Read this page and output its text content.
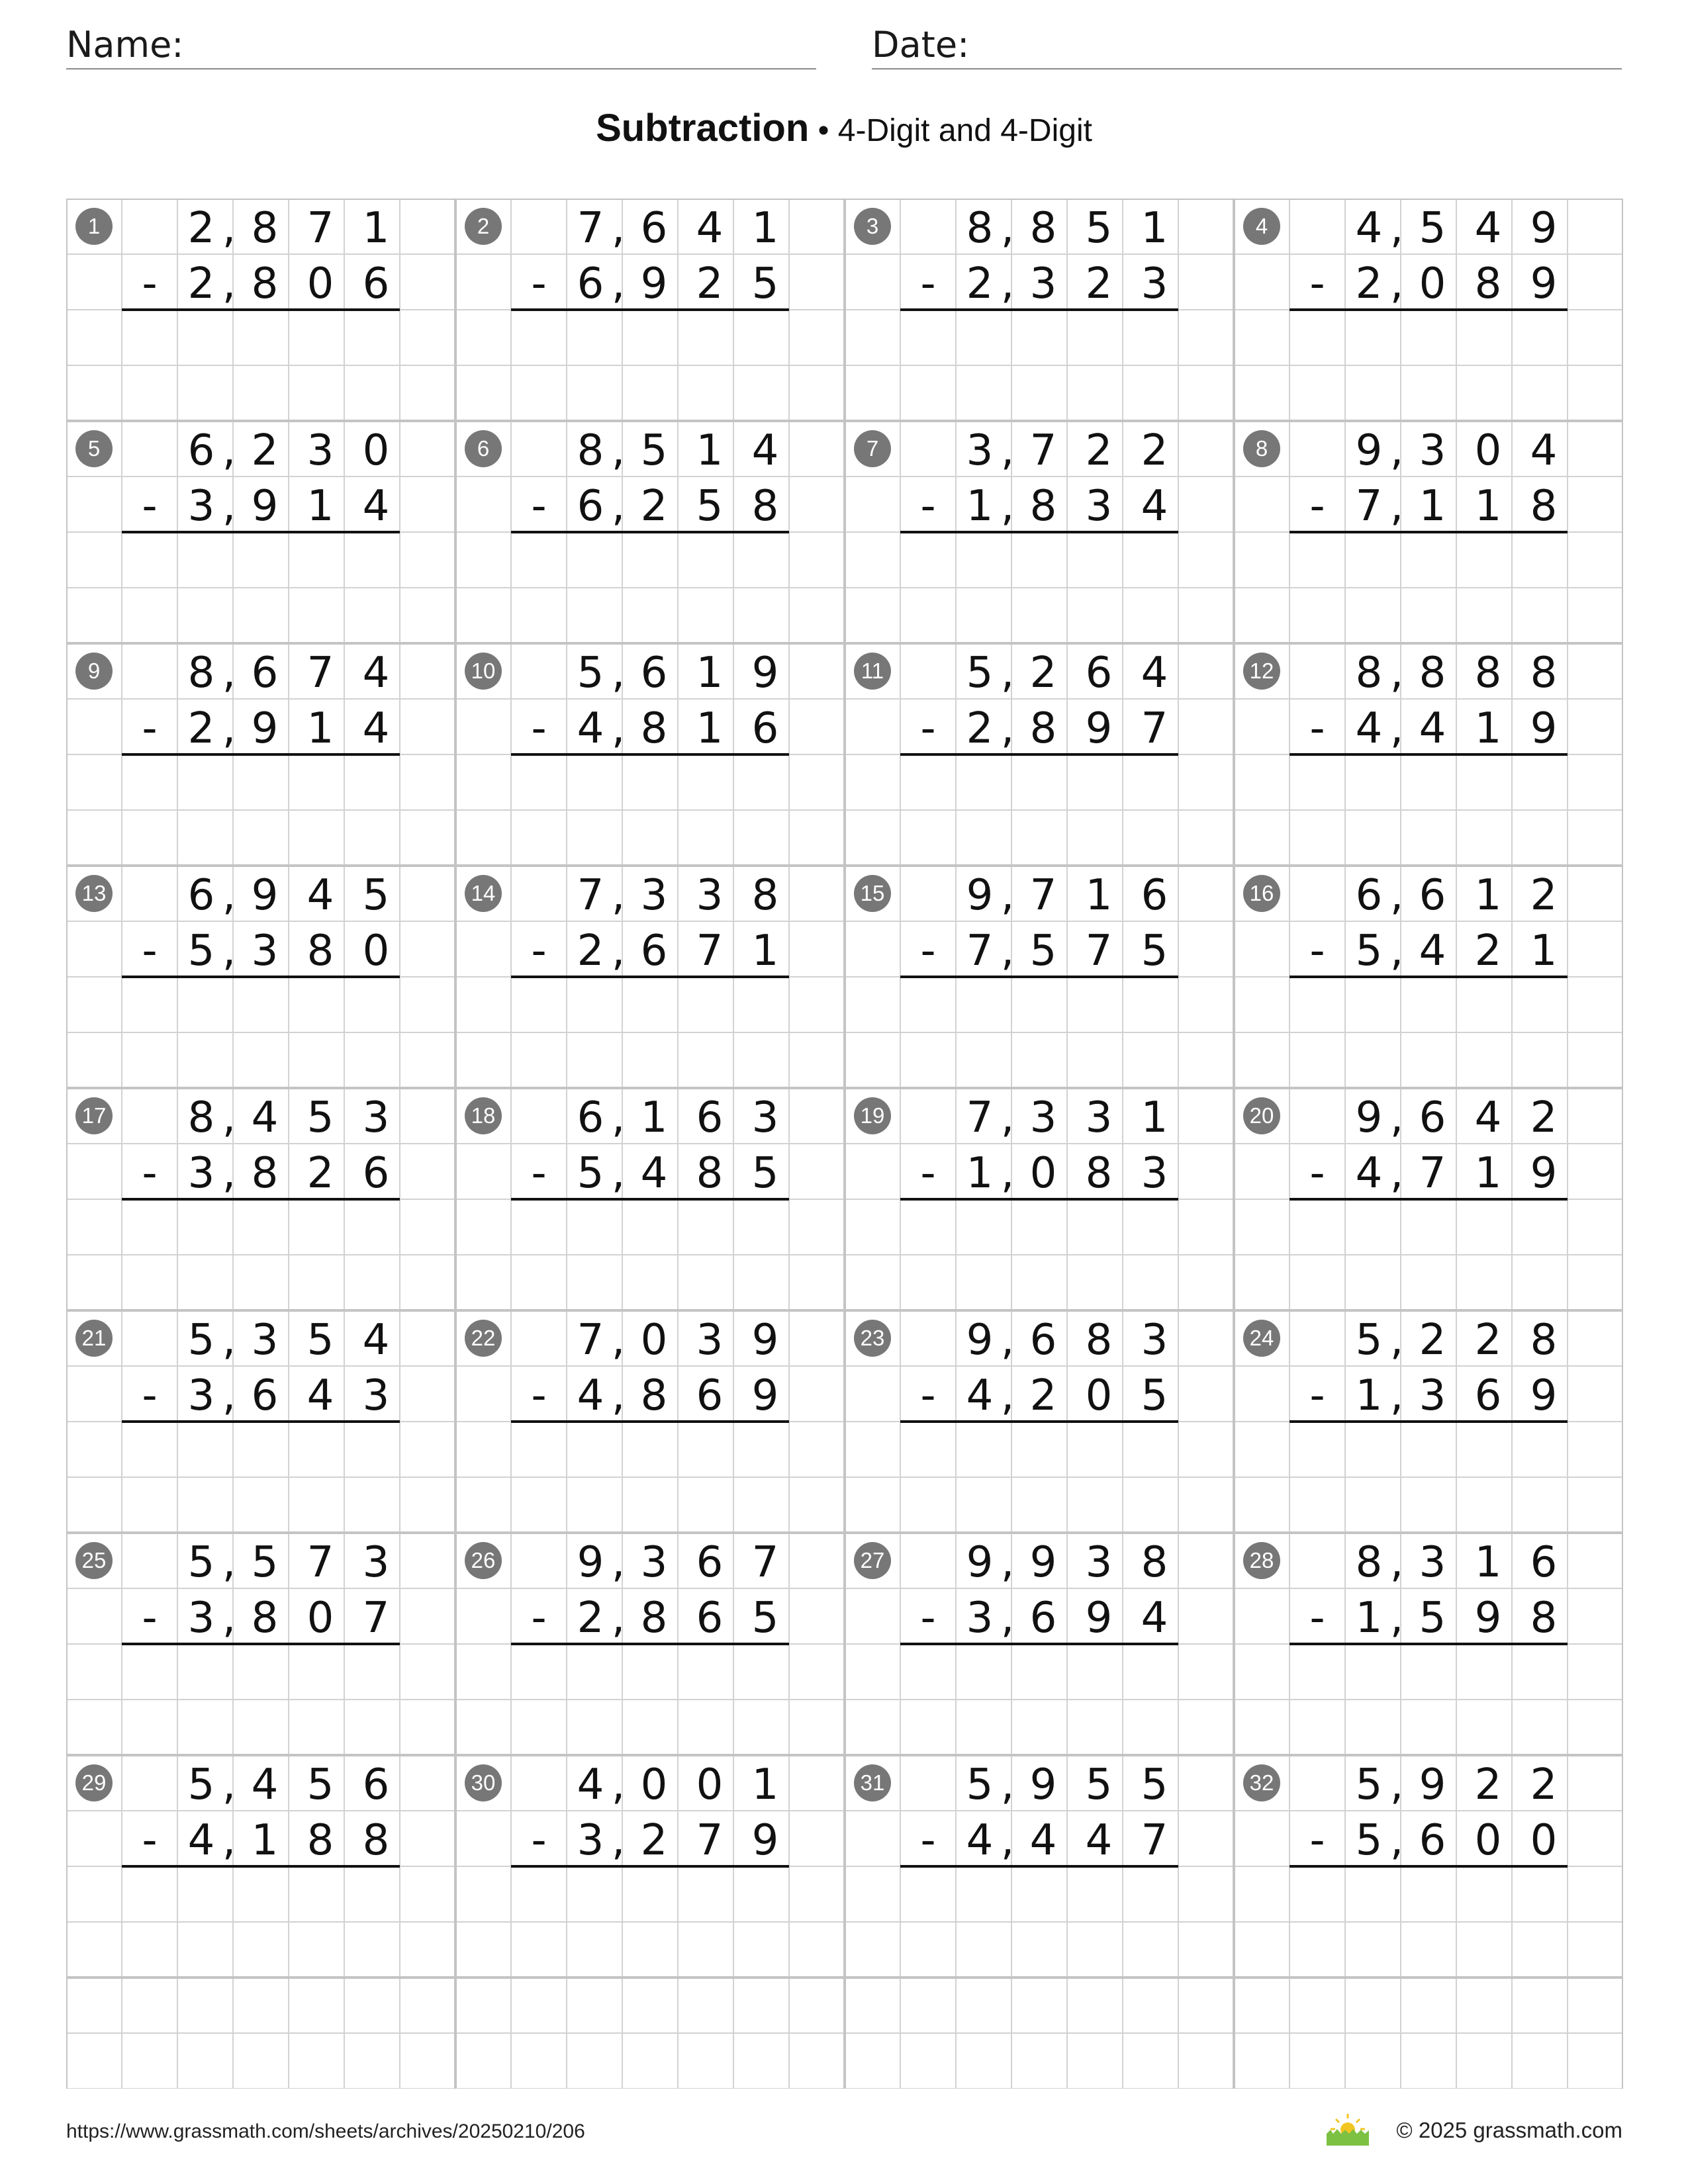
Name:	Date:
Subtraction • 4-Digit and 4-Digit
1 2 , 8 7 1
- 2 , 8 0 6
2 7 , 6 4 1
- 6 , 9 2 5
3 8 , 8 5 1
- 2 , 3 2 3
4 4 , 5 4 9
- 2 , 0 8 9
5 6 , 2 3 0
- 3 , 9 1 4
6 8 , 5 1 4
- 6 , 2 5 8
7 3 , 7 2 2
- 1 , 8 3 4
8 9 , 3 0 4
- 7 , 1 1 8
9 8 , 6 7 4
- 2 , 9 1 4
10 5 , 6 1 9
- 4 , 8 1 6
11 5 , 2 6 4
- 2 , 8 9 7
12 8 , 8 8 8
- 4 , 4 1 9
13 6 , 9 4 5
- 5 , 3 8 0
14 7 , 3 3 8
- 2 , 6 7 1
15 9 , 7 1 6
- 7 , 5 7 5
16 6 , 6 1 2
- 5 , 4 2 1
17 8 , 4 5 3
- 3 , 8 2 6
18 6 , 1 6 3
- 5 , 4 8 5
19 7 , 3 3 1
- 1 , 0 8 3
20 9 , 6 4 2
- 4 , 7 1 9
21 5 , 3 5 4
- 3 , 6 4 3
22 7 , 0 3 9
- 4 , 8 6 9
23 9 , 6 8 3
- 4 , 2 0 5
24 5 , 2 2 8
- 1 , 3 6 9
25 5 , 5 7 3
- 3 , 8 0 7
26 9 , 3 6 7
- 2 , 8 6 5
27 9 , 9 3 8
- 3 , 6 9 4
28 8 , 3 1 6
- 1 , 5 9 8
29 5 , 4 5 6
- 4 , 1 8 8
30 4 , 0 0 1
- 3 , 2 7 9
31 5 , 9 5 5
- 4 , 4 4 7
32 5 , 9 2 2
- 5 , 6 0 0
https://www.grassmath.com/sheets/archives/20250210/206	© 2025 grassmath.com
